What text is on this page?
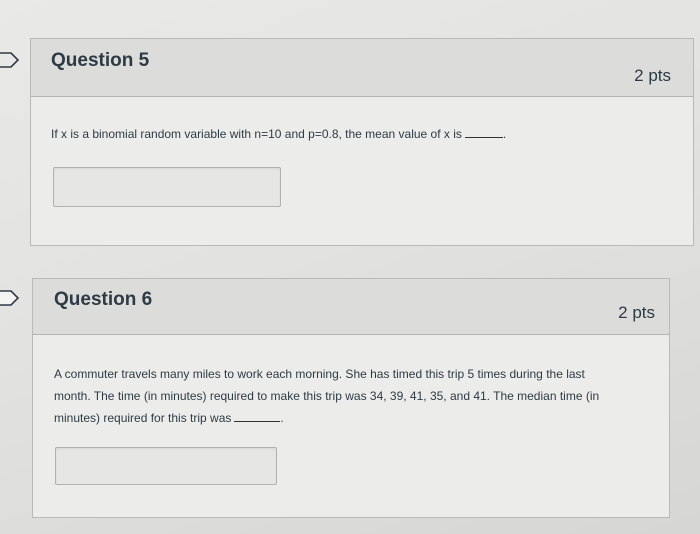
Question 5
2 pts
If x is a binomial random variable with n=10 and p=0.8, the mean value of x is	.
Question 6
2 pts
A commuter travels many miles to work each morning. She has timed this trip 5 times during the last
month. The time (in minutes) required to make this trip was 34, 39, 41, 35, and 41. The median time (in
minutes) required for this trip was	.
